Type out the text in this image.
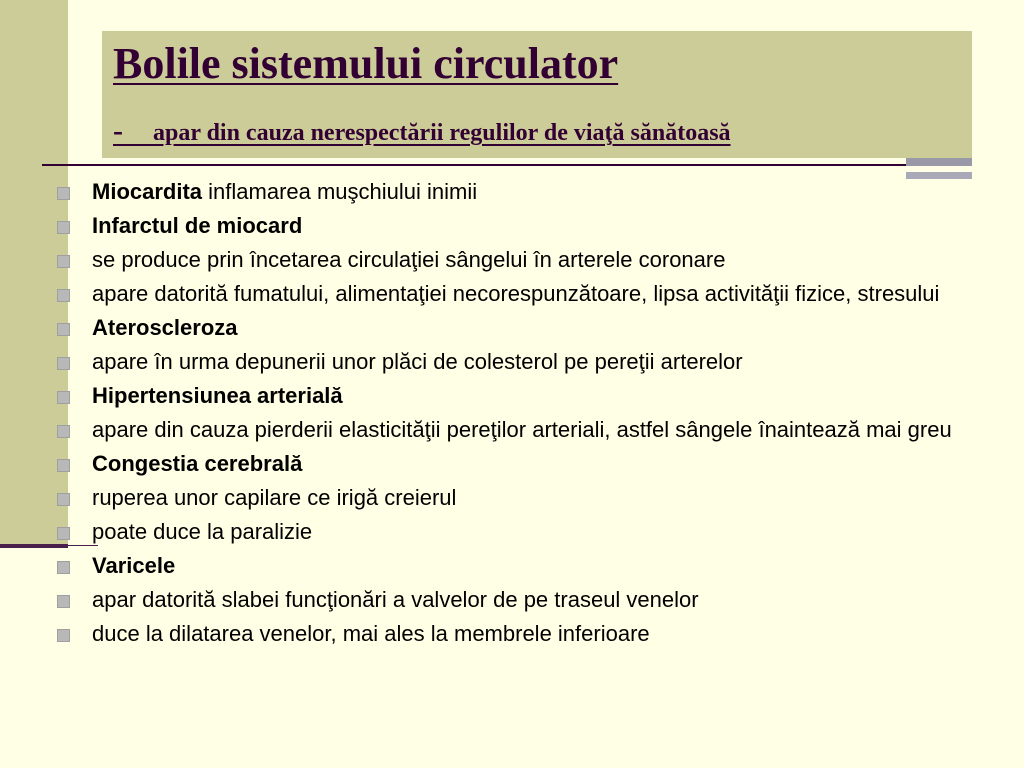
Bolile sistemului circulator
- apar din cauza nerespectării regulilor de viaţă sănătoasă
Miocardita inflamarea muşchiului inimii
Infarctul de miocard
se produce prin încetarea circulaţiei sângelui în arterele coronare
apare datorită fumatului, alimentaţiei necorespunzătoare, lipsa activităţii fizice, stresului
Ateroscleroza
apare în urma depunerii unor plăci de colesterol pe pereţii arterelor
Hipertensiunea arterială
apare din cauza pierderii elasticităţii pereţilor arteriali, astfel sângele înaintează mai greu
Congestia cerebrală
ruperea unor capilare ce irigă creierul
poate duce la paralizie
Varicele
apar datorită slabei funcţionări a valvelor de pe traseul venelor
duce la dilatarea venelor, mai ales la membrele inferioare
